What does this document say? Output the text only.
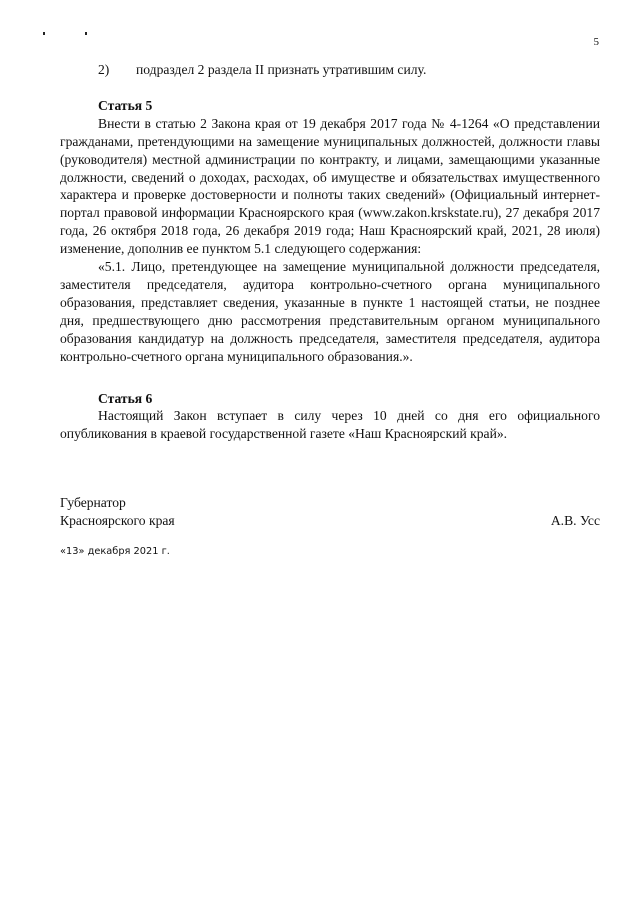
5

2)	подраздел 2 раздела II признать утратившим силу.

Статья 5

Внести в статью 2 Закона края от 19 декабря 2017 года № 4-1264 «О представлении гражданами, претендующими на замещение муниципальных должностей, должности главы (руководителя) местной администрации по контракту, и лицами, замещающими указанные должности, сведений о доходах, расходах, об имуществе и обязательствах имущественного характера и проверке достоверности и полноты таких сведений» (Официальный интернет-портал правовой информации Красноярского края (www.zakon.krskstate.ru), 27 декабря 2017 года, 26 октября 2018 года, 26 декабря 2019 года; Наш Красноярский край, 2021, 28 июля) изменение, дополнив ее пунктом 5.1 следующего содержания:

«5.1. Лицо, претендующее на замещение муниципальной должности председателя, заместителя председателя, аудитора контрольно-счетного органа муниципального образования, представляет сведения, указанные в пункте 1 настоящей статьи, не позднее дня, предшествующего дню рассмотрения представительным органом муниципального образования кандидатур на должность председателя, заместителя председателя, аудитора контрольно-счетного органа муниципального образования.».

Статья 6

Настоящий Закон вступает в силу через 10 дней со дня его официального опубликования в краевой государственной газете «Наш Красноярский край».

Губернатор

Красноярского края	А.В. Усс
«13» декабря 2021 г.
